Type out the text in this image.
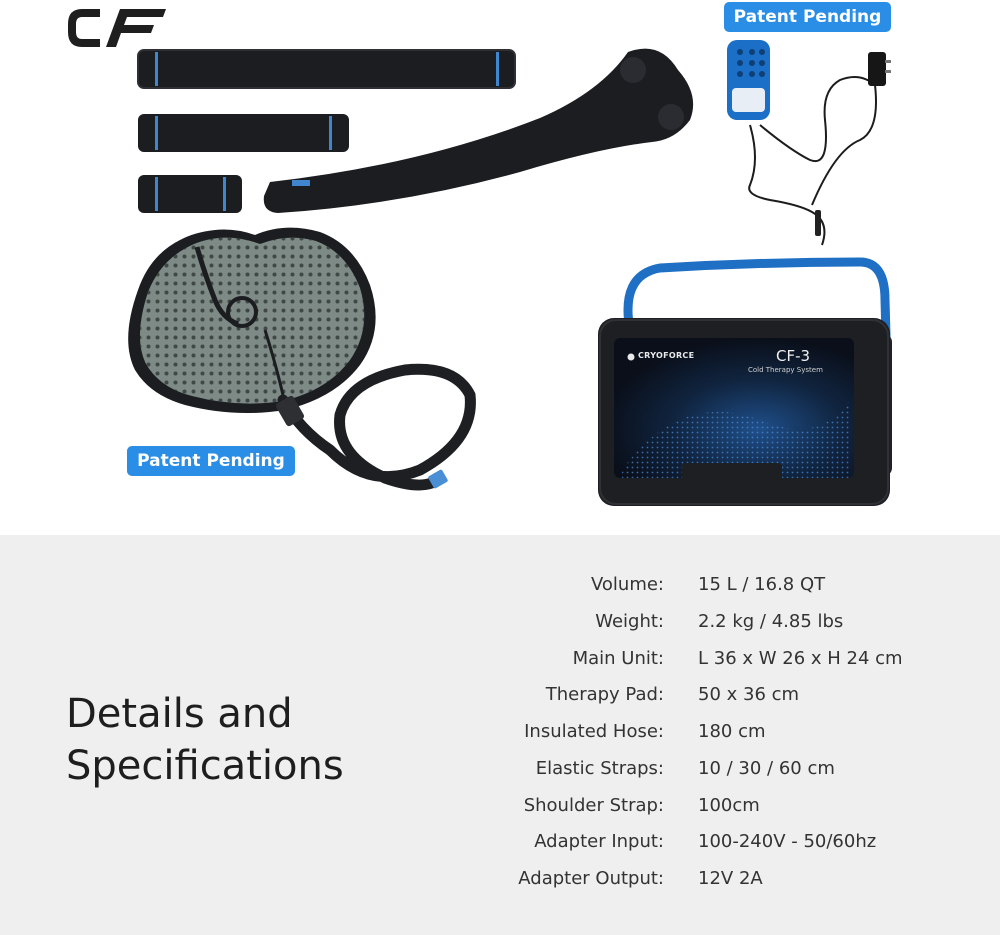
CRYOFORCE	CF-3
Cold Therapy System
Patent Pending
Patent Pending
Details and
Specifications
Volume: 15 L / 16.8 QT
Weight: 2.2 kg / 4.85 lbs
Main Unit: L 36 x W 26 x H 24 cm
Therapy Pad: 50 x 36 cm
Insulated Hose: 180 cm
Elastic Straps: 10 / 30 / 60 cm
Shoulder Strap: 100cm
Adapter Input: 100-240V - 50/60hz
Adapter Output: 12V 2A
